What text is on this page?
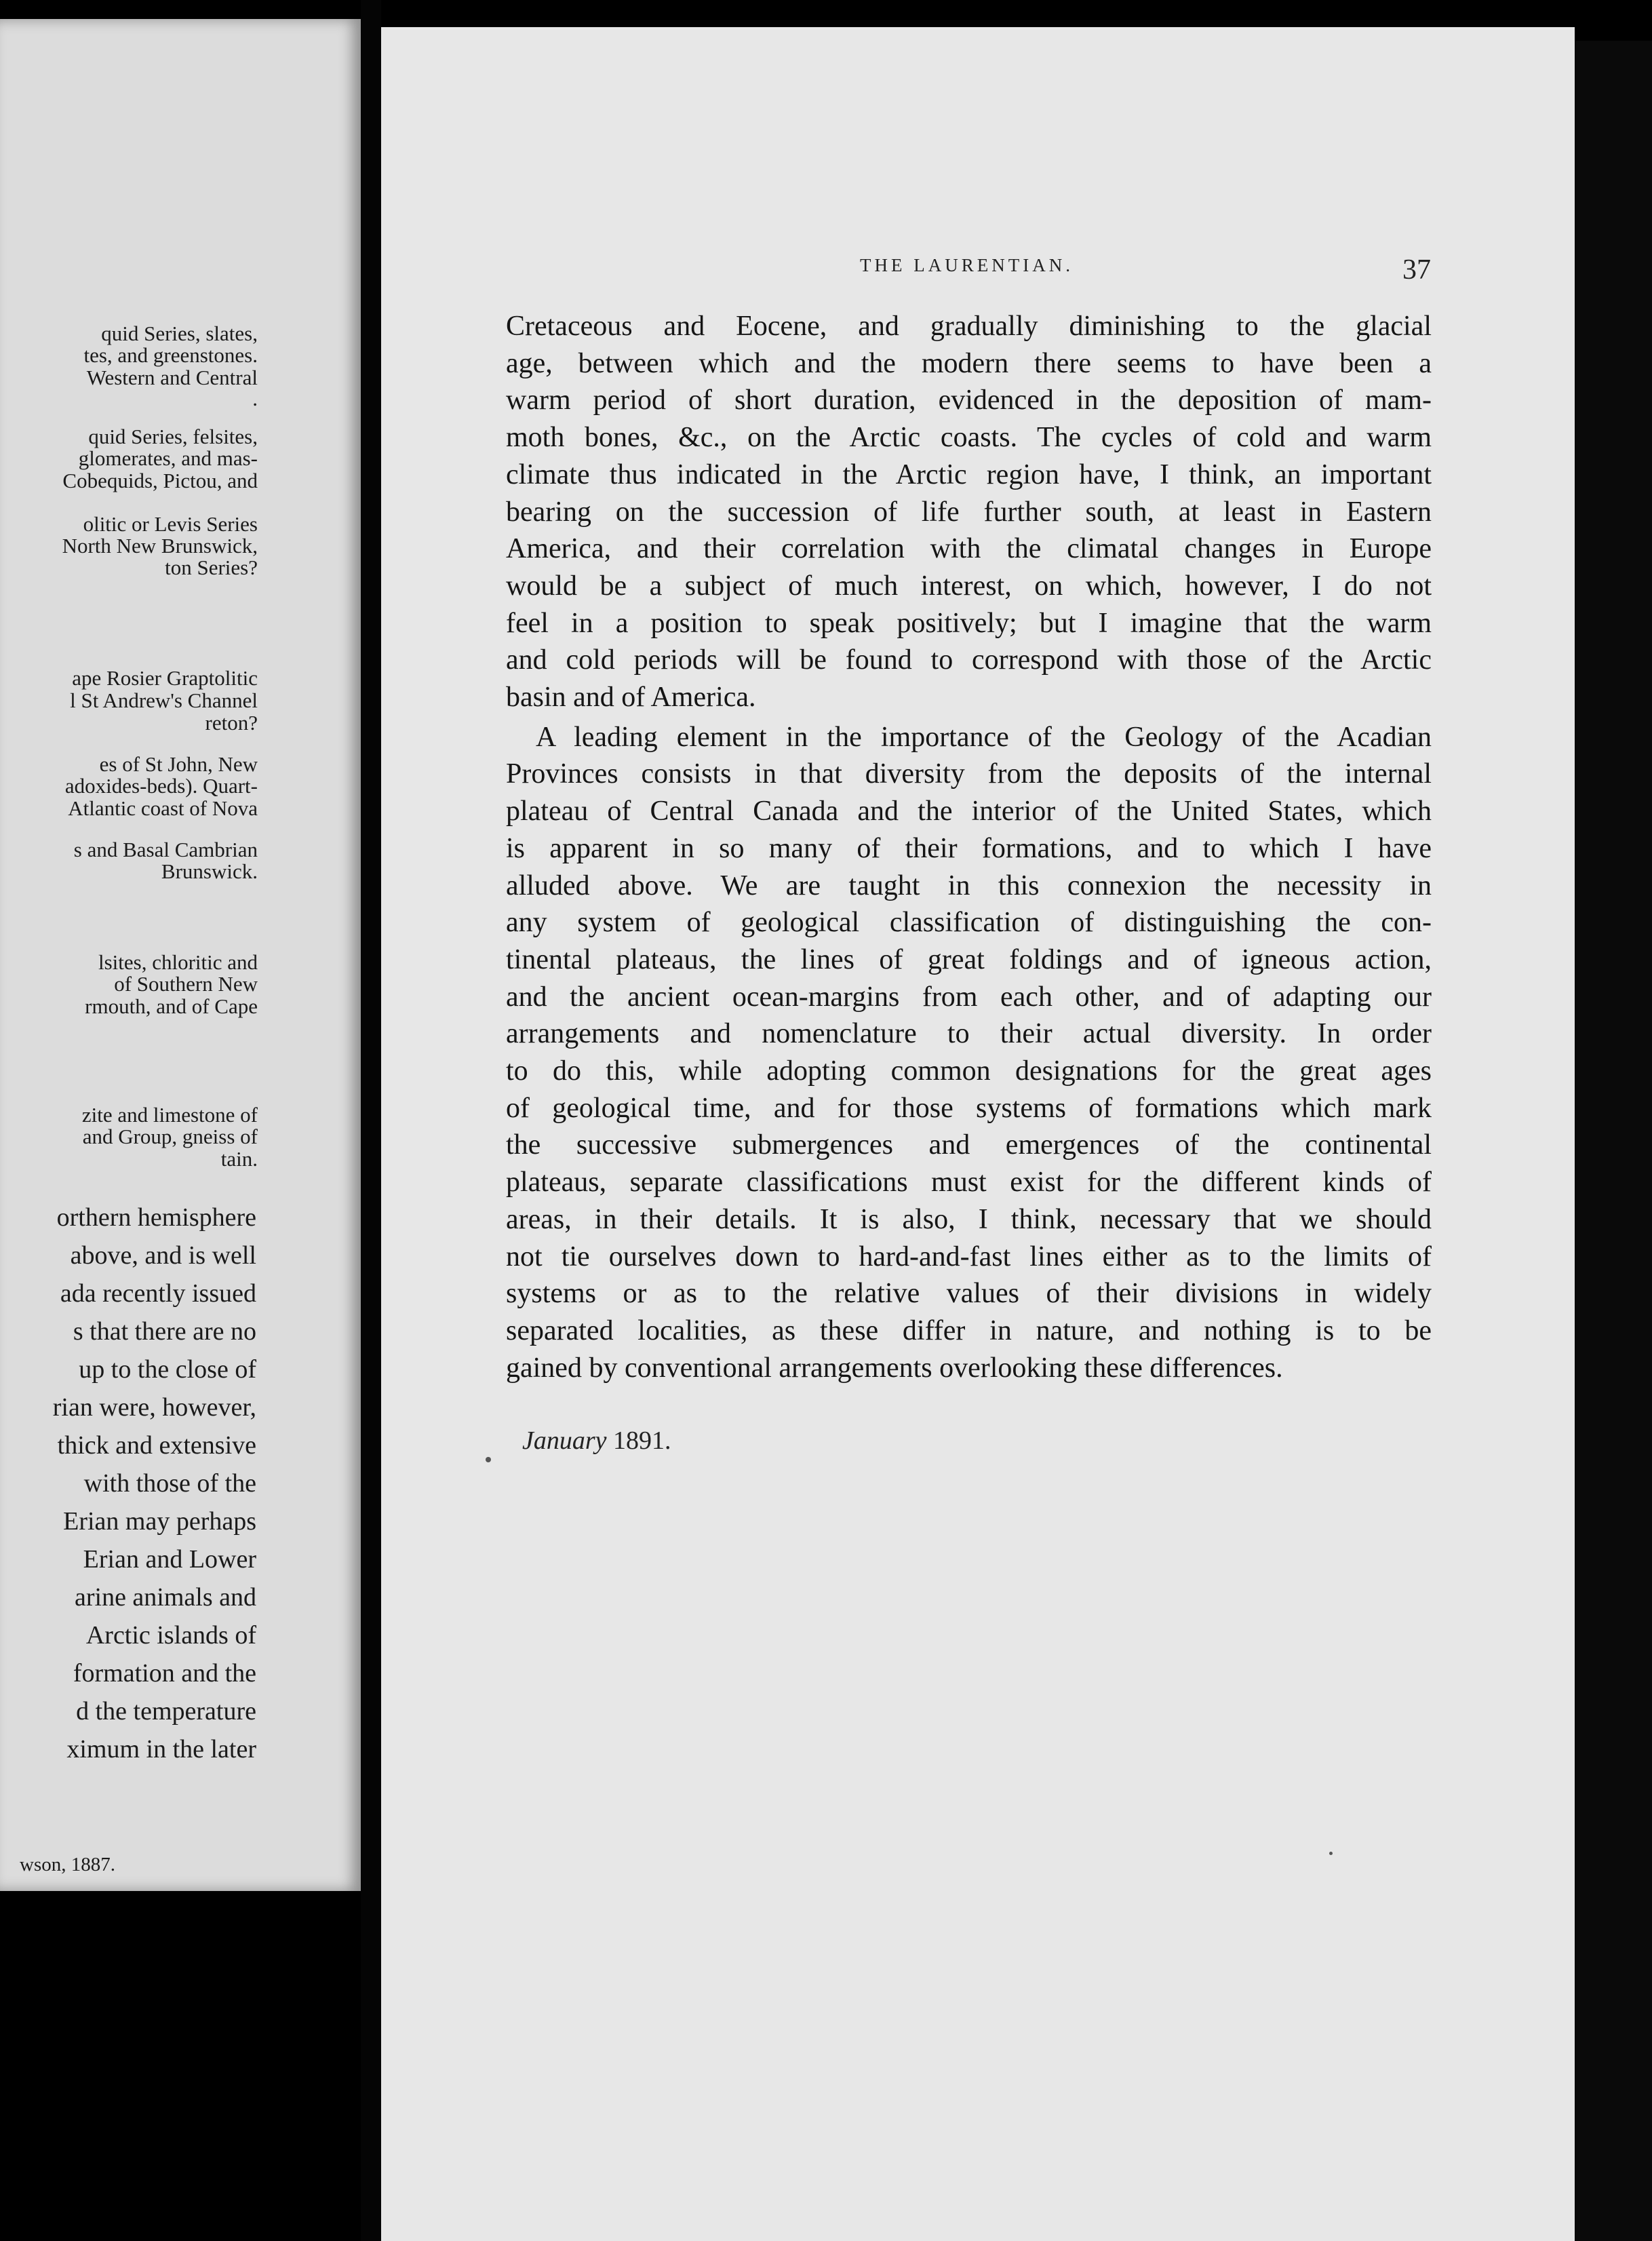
quid Series, slates,
tes, and greenstones.
Western and Central
.
quid Series, felsites,
glomerates, and mas-
Cobequids, Pictou, and
olitic or Levis Series
North New Brunswick,
ton Series?
ape Rosier Graptolitic
l St Andrew's Channel
reton?
es of St John, New
adoxides-beds). Quart-
Atlantic coast of Nova
s and Basal Cambrian
Brunswick.
lsites, chloritic and
of Southern New
rmouth, and of Cape
zite and limestone of
and Group, gneiss of
tain.
orthern hemisphere
above, and is well
ada recently issued
s that there are no
up to the close of
rian were, however,
thick and extensive
with those of the
Erian may perhaps
Erian and Lower
arine animals and
Arctic islands of
formation and the
d the temperature
ximum in the later
wson, 1887.
THE LAURENTIAN.	37
Cretaceous and Eocene, and gradually diminishing to the glacial
age, between which and the modern there seems to have been a
warm period of short duration, evidenced in the deposition of mam-
moth bones, &c., on the Arctic coasts. The cycles of cold and warm
climate thus indicated in the Arctic region have, I think, an important
bearing on the succession of life further south, at least in Eastern
America, and their correlation with the climatal changes in Europe
would be a subject of much interest, on which, however, I do not
feel in a position to speak positively; but I imagine that the warm
and cold periods will be found to correspond with those of the Arctic
basin and of America.
A leading element in the importance of the Geology of the Acadian
Provinces consists in that diversity from the deposits of the internal
plateau of Central Canada and the interior of the United States, which
is apparent in so many of their formations, and to which I have
alluded above. We are taught in this connexion the necessity in
any system of geological classification of distinguishing the con-
tinental plateaus, the lines of great foldings and of igneous action,
and the ancient ocean-margins from each other, and of adapting our
arrangements and nomenclature to their actual diversity. In order
to do this, while adopting common designations for the great ages
of geological time, and for those systems of formations which mark
the successive submergences and emergences of the continental
plateaus, separate classifications must exist for the different kinds of
areas, in their details. It is also, I think, necessary that we should
not tie ourselves down to hard-and-fast lines either as to the limits of
systems or as to the relative values of their divisions in widely
separated localities, as these differ in nature, and nothing is to be
gained by conventional arrangements overlooking these differences.
January 1891.
